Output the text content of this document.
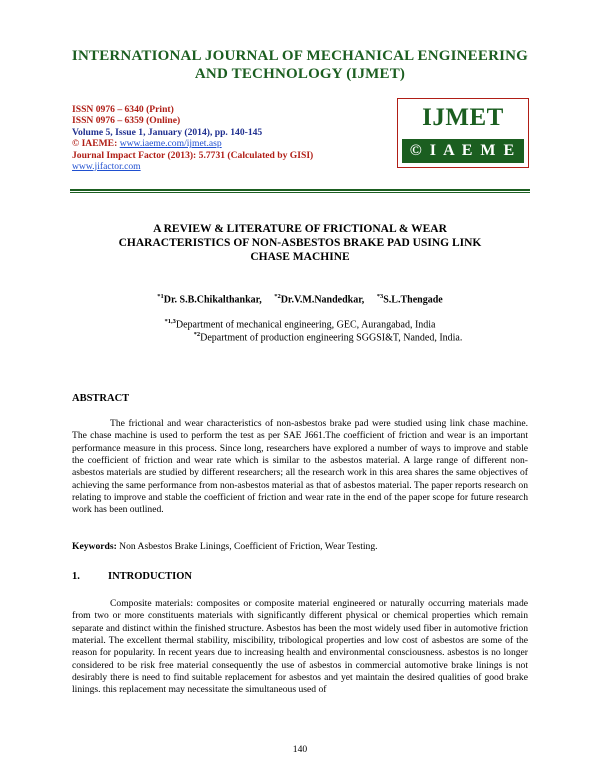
INTERNATIONAL JOURNAL OF MECHANICAL ENGINEERING
AND TECHNOLOGY (IJMET)
ISSN 0976 – 6340 (Print)
ISSN 0976 – 6359 (Online)
Volume 5, Issue 1, January (2014), pp. 140-145
© IAEME: www.iaeme.com/ijmet.asp
Journal Impact Factor (2013): 5.7731 (Calculated by GISI)
www.jifactor.com
IJMET
© I A E M E
A REVIEW & LITERATURE OF FRICTIONAL & WEAR
CHARACTERISTICS OF NON-ASBESTOS BRAKE PAD USING LINK
CHASE MACHINE
$^{*1}$Dr. S.B.Chikalthankar, $^{*2}$Dr.V.M.Nandedkar, $^{*3}$S.L.Thengade
$^{*1,3}$Department of mechanical engineering, GEC, Aurangabad, India
$^{*2}$Department of production engineering SGGSI&T, Nanded, India.
ABSTRACT

The frictional and wear characteristics of non-asbestos brake pad were studied using link chase machine. The chase machine is used to perform the test as per SAE J661.The coefficient of friction and wear is an important performance measure in this process. Since long, researchers have explored a number of ways to improve and stable the coefficient of friction and wear rate which is similar to the asbestos material. A large range of different non-asbestos materials are studied by different researchers; all the research work in this area shares the same objectives of achieving the same performance from non-asbestos material as that of asbestos material. The paper reports research on relating to improve and stable the coefficient of friction and wear rate in the end of the paper scope for future research work has been outlined.

Keywords: Non Asbestos Brake Linings, Coefficient of Friction, Wear Testing.
1.	INTRODUCTION

Composite materials: composites or composite material engineered or naturally occurring materials made from two or more constituents materials with significantly different physical or chemical properties which remain separate and distinct within the finished structure. Asbestos has been the most widely used fiber in automotive friction material. The excellent thermal stability, miscibility, tribological properties and low cost of asbestos are some of the reason for popularity. In recent years due to increasing health and environmental consciousness. asbestos is no longer considered to be risk free material consequently the use of asbestos in commercial automotive brake linings is not desirably there is need to find suitable replacement for asbestos and yet maintain the desired qualities of good brake linings. this replacement may necessitate the simultaneous used of

140
